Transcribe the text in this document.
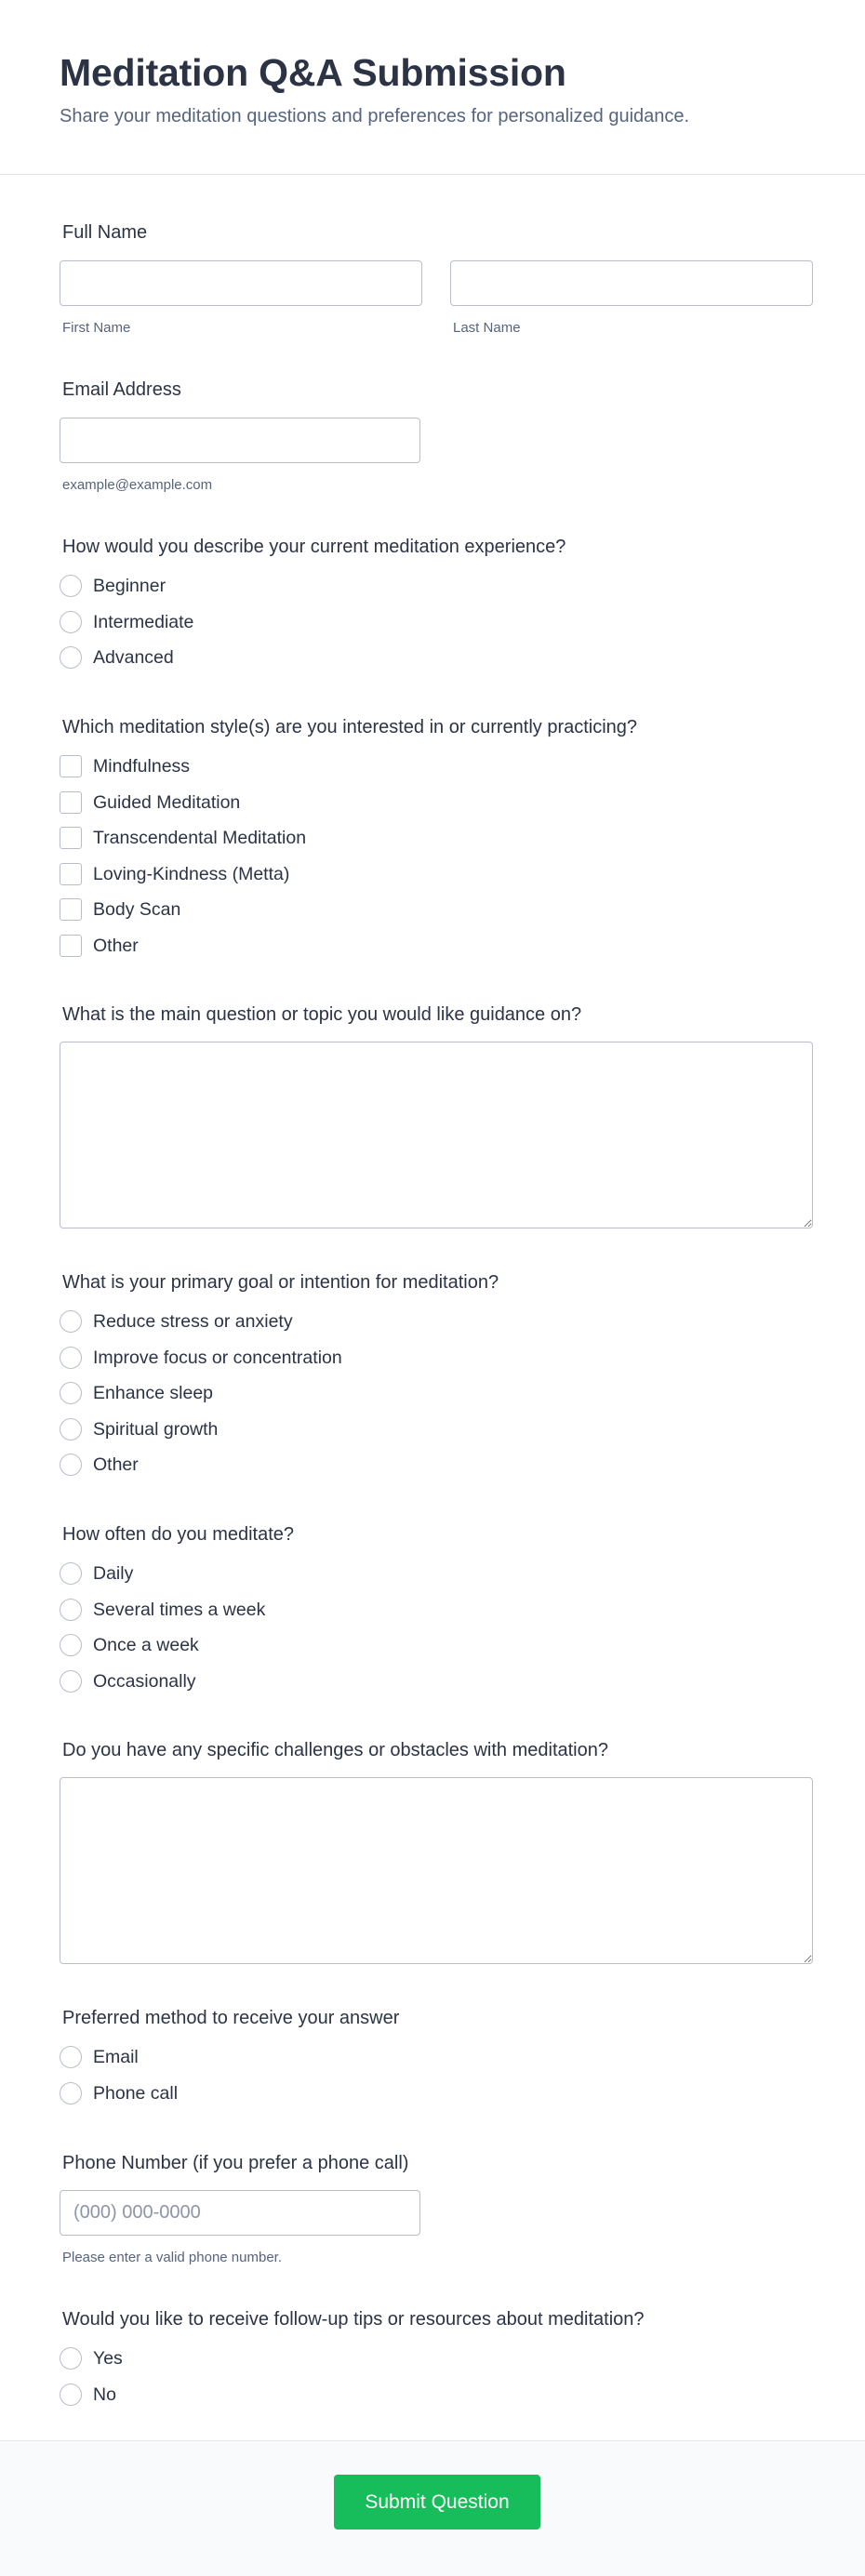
Meditation Q&A Submission

Share your meditation questions and preferences for personalized guidance.

Full Name
First Name	Last Name
Email Address
example@example.com
How would you describe your current meditation experience?
Beginner
Intermediate
Advanced
Which meditation style(s) are you interested in or currently practicing?
Mindfulness
Guided Meditation
Transcendental Meditation
Loving-Kindness (Metta)
Body Scan
Other
What is the main question or topic you would like guidance on?
What is your primary goal or intention for meditation?
Reduce stress or anxiety
Improve focus or concentration
Enhance sleep
Spiritual growth
Other
How often do you meditate?
Daily
Several times a week
Once a week
Occasionally
Do you have any specific challenges or obstacles with meditation?
Preferred method to receive your answer
Email
Phone call
Phone Number (if you prefer a phone call)
(000) 000-0000
Please enter a valid phone number.
Would you like to receive follow-up tips or resources about meditation?
Yes
No
Submit Question
